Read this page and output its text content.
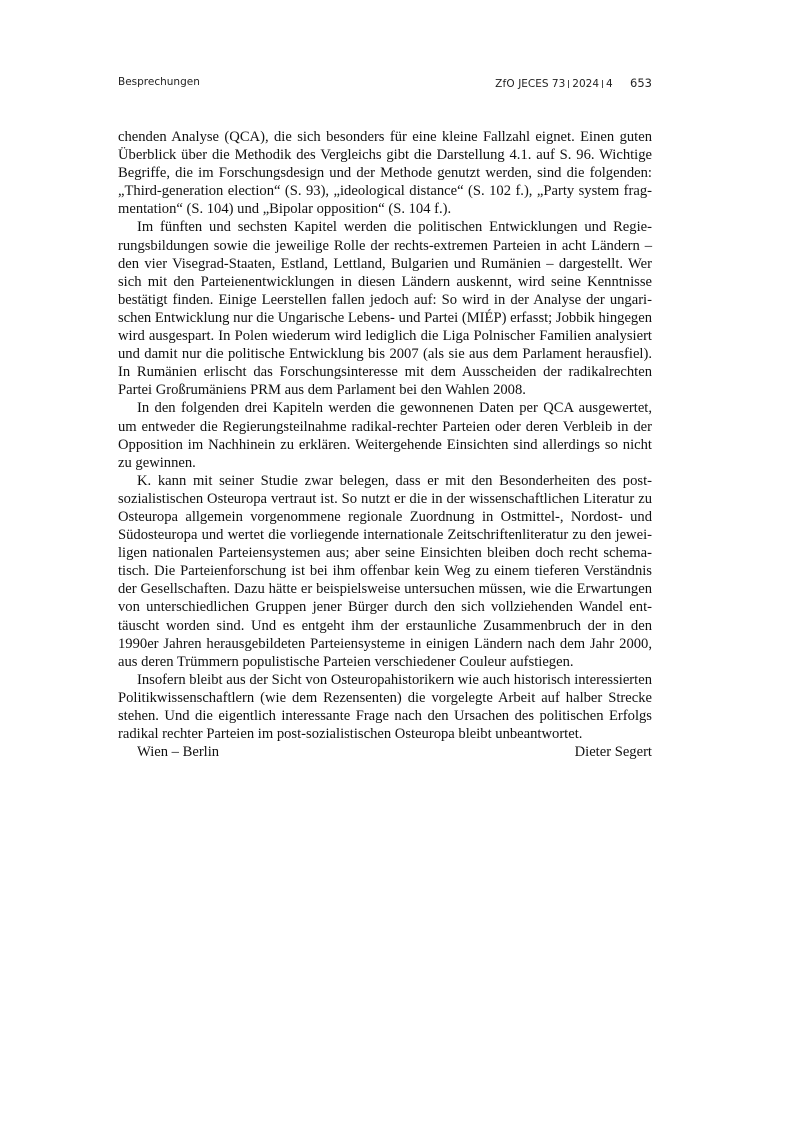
Besprechungen	ZfO JECES 73 2024 4 653

chenden Analyse (QCA), die sich besonders für eine kleine Fallzahl eignet. Einen guten Überblick über die Methodik des Vergleichs gibt die Darstellung 4.1. auf S. 96. Wichtige Begriffe, die im Forschungsdesign und der Methode genutzt werden, sind die folgenden: „Third-generation election“ (S. 93), „ideological distance“ (S. 102 f.), „Party system fragmentation“ (S. 104) und „Bipolar opposition“ (S. 104 f.).

Im fünften und sechsten Kapitel werden die politischen Entwicklungen und Regierungsbildungen sowie die jeweilige Rolle der rechts-extremen Parteien in acht Ländern – den vier Visegrad-Staaten, Estland, Lettland, Bulgarien und Rumänien – dargestellt. Wer sich mit den Parteienentwicklungen in diesen Ländern auskennt, wird seine Kenntnisse bestätigt finden. Einige Leerstellen fallen jedoch auf: So wird in der Analyse der ungarischen Entwicklung nur die Ungarische Lebens- und Partei (MIÉP) erfasst; Jobbik hingegen wird ausgespart. In Polen wiederum wird lediglich die Liga Polnischer Familien analysiert und damit nur die politische Entwicklung bis 2007 (als sie aus dem Parlament herausfiel). In Rumänien erlischt das Forschungsinteresse mit dem Ausscheiden der radikalrechten Partei Großrumäniens PRM aus dem Parlament bei den Wahlen 2008.

In den folgenden drei Kapiteln werden die gewonnenen Daten per QCA ausgewertet, um entweder die Regierungsteilnahme radikal-rechter Parteien oder deren Verbleib in der Opposition im Nachhinein zu erklären. Weitergehende Einsichten sind allerdings so nicht zu gewinnen.

K. kann mit seiner Studie zwar belegen, dass er mit den Besonderheiten des postsozialistischen Osteuropa vertraut ist. So nutzt er die in der wissenschaftlichen Literatur zu Osteuropa allgemein vorgenommene regionale Zuordnung in Ostmittel-, Nordost- und Südosteuropa und wertet die vorliegende internationale Zeitschriftenliteratur zu den jeweiligen nationalen Parteiensystemen aus; aber seine Einsichten bleiben doch recht schematisch. Die Parteienforschung ist bei ihm offenbar kein Weg zu einem tieferen Verständnis der Gesellschaften. Dazu hätte er beispielsweise untersuchen müssen, wie die Erwartungen von unterschiedlichen Gruppen jener Bürger durch den sich vollziehenden Wandel enttäuscht worden sind. Und es entgeht ihm der erstaunliche Zusammenbruch der in den 1990er Jahren herausgebildeten Parteiensysteme in einigen Ländern nach dem Jahr 2000, aus deren Trümmern populistische Parteien verschiedener Couleur aufstiegen.

Insofern bleibt aus der Sicht von Osteuropahistorikern wie auch historisch interessierten Politikwissenschaftlern (wie dem Rezensenten) die vorgelegte Arbeit auf halber Strecke stehen. Und die eigentlich interessante Frage nach den Ursachen des politischen Erfolgs radikal rechter Parteien im post-sozialistischen Osteuropa bleibt unbeantwortet.

Wien – Berlin	Dieter Segert
